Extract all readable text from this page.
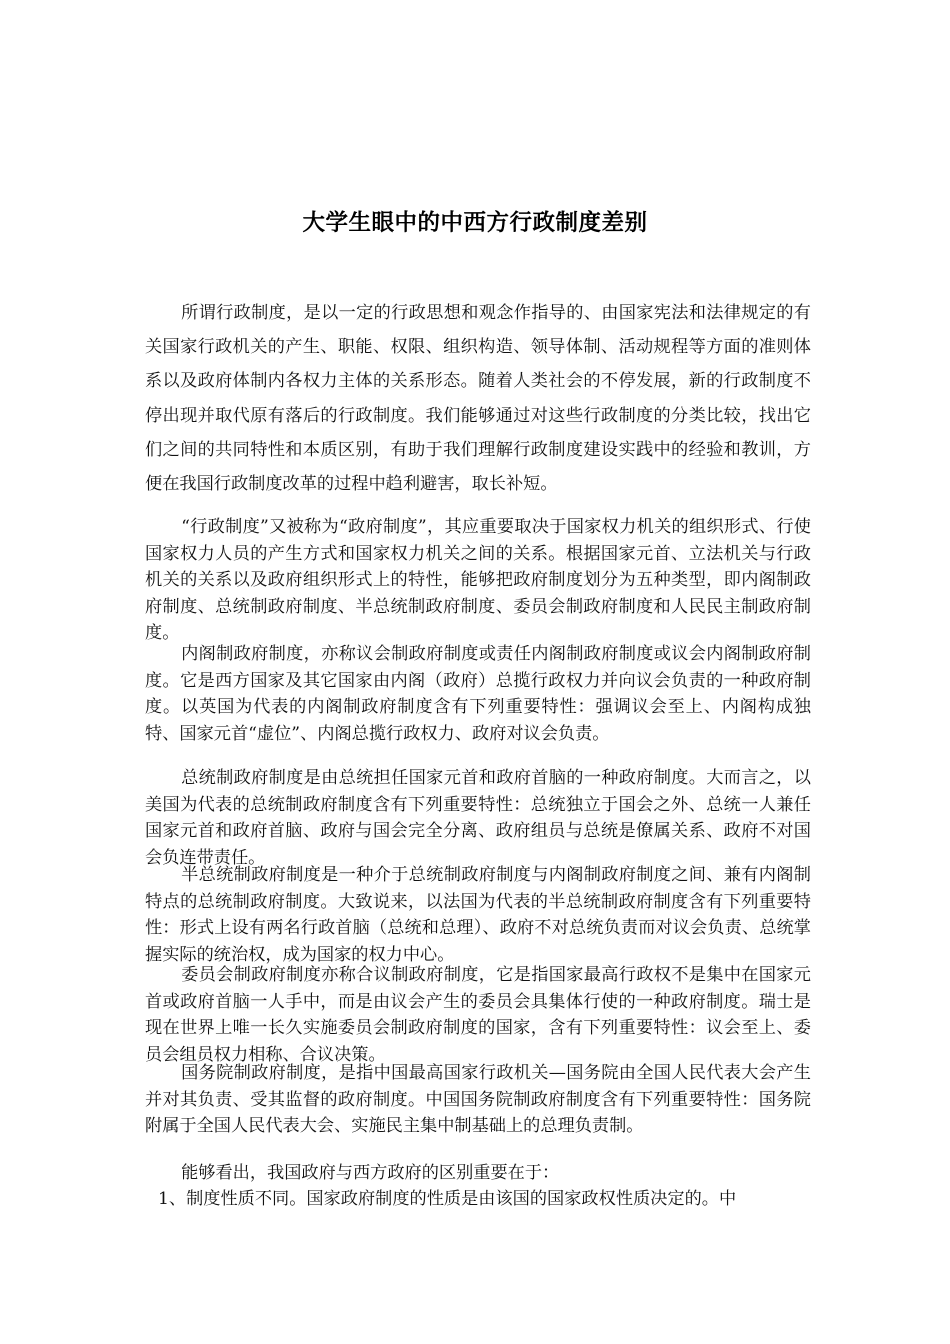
大学生眼中的中西方行政制度差别

所谓行政制度，是以一定的行政思想和观念作指导的、由国家宪法和法律规定的有关国家行政机关的产生、职能、权限、组织构造、领导体制、活动规程等方面的准则体系以及政府体制内各权力主体的关系形态。随着人类社会的不停发展，新的行政制度不停出现并取代原有落后的行政制度。我们能够通过对这些行政制度的分类比较，找出它们之间的共同特性和本质区别，有助于我们理解行政制度建设实践中的经验和教训，方便在我国行政制度改革的过程中趋利避害，取长补短。

“行政制度”又被称为“政府制度”，其应重要取决于国家权力机关的组织形式、行使国家权力人员的产生方式和国家权力机关之间的关系。根据国家元首、立法机关与行政机关的关系以及政府组织形式上的特性，能够把政府制度划分为五种类型，即内阁制政府制度、总统制政府制度、半总统制政府制度、委员会制政府制度和人民民主制政府制度。

内阁制政府制度，亦称议会制政府制度或责任内阁制政府制度或议会内阁制政府制度。它是西方国家及其它国家由内阁（政府）总揽行政权力并向议会负责的一种政府制度。以英国为代表的内阁制政府制度含有下列重要特性：强调议会至上、内阁构成独特、国家元首“虚位”、内阁总揽行政权力、政府对议会负责。

总统制政府制度是由总统担任国家元首和政府首脑的一种政府制度。大而言之，以美国为代表的总统制政府制度含有下列重要特性：总统独立于国会之外、总统一人兼任国家元首和政府首脑、政府与国会完全分离、政府组员与总统是僚属关系、政府不对国会负连带责任。

半总统制政府制度是一种介于总统制政府制度与内阁制政府制度之间、兼有内阁制特点的总统制政府制度。大致说来，以法国为代表的半总统制政府制度含有下列重要特性：形式上设有两名行政首脑（总统和总理）、政府不对总统负责而对议会负责、总统掌握实际的统治权，成为国家的权力中心。

委员会制政府制度亦称合议制政府制度，它是指国家最高行政权不是集中在国家元首或政府首脑一人手中，而是由议会产生的委员会具集体行使的一种政府制度。瑞士是现在世界上唯一长久实施委员会制政府制度的国家，含有下列重要特性：议会至上、委员会组员权力相称、合议决策。

国务院制政府制度，是指中国最高国家行政机关—国务院由全国人民代表大会产生并对其负责、受其监督的政府制度。中国国务院制政府制度含有下列重要特性：国务院附属于全国人民代表大会、实施民主集中制基础上的总理负责制。

能够看出，我国政府与西方政府的区别重要在于：

1、制度性质不同。国家政府制度的性质是由该国的国家政权性质决定的。中
